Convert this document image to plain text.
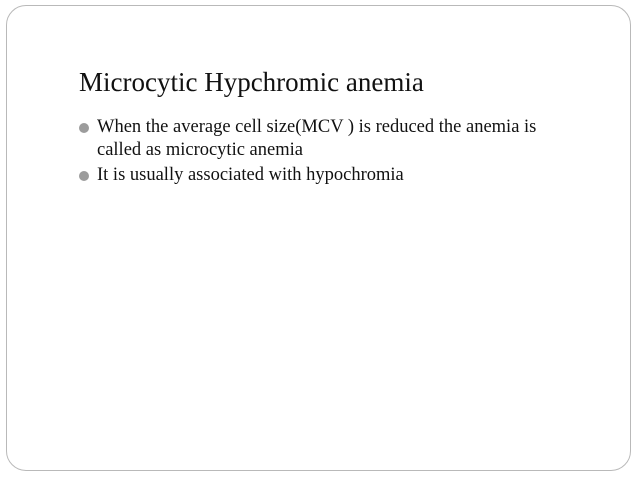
Microcytic Hypchromic anemia
When the average cell size(MCV ) is reduced the anemia is called as microcytic anemia
It is usually associated with hypochromia
